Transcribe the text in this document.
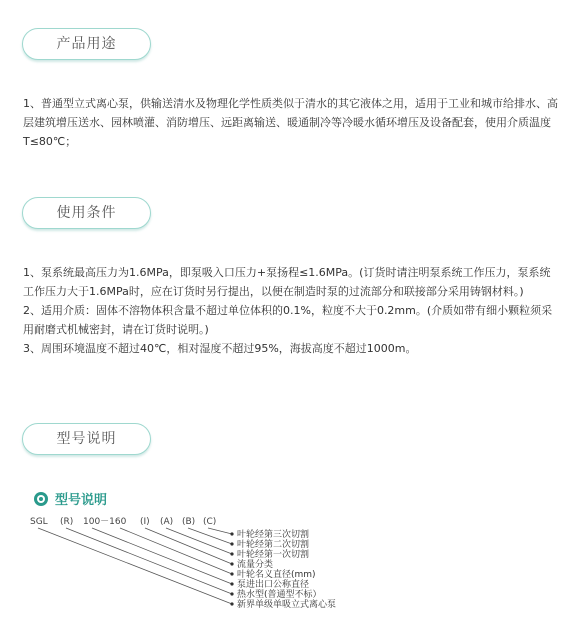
产品用途

1、普通型立式离心泵，供输送清水及物理化学性质类似于清水的其它液体之用，适用于工业和城市给排水、高层建筑增压送水、园林喷灌、消防增压、远距离输送、暖通制冷等冷暖水循环增压及设备配套，使用介质温度T≤80℃；

使用条件

1、泵系统最高压力为1.6MPa，即泵吸入口压力+泵扬程≤1.6MPa。(订货时请注明泵系统工作压力，泵系统工作压力大于1.6MPa时，应在订货时另行提出，以便在制造时泵的过流部分和联接部分采用铸钢材料。)

2、适用介质：固体不溶物体积含量不超过单位体积的0.1%，粒度不大于0.2mm。(介质如带有细小颗粒须采用耐磨式机械密封，请在订货时说明。)

3、周围环境温度不超过40℃，相对湿度不超过95%，海拔高度不超过1000m。

型号说明
型号说明
SGL (R) 100－160 (I) (A) (B) (C)
叶轮经第三次切割
叶轮经第二次切割
叶轮经第一次切割
流量分类
叶轮名义直径(mm)
泵进出口公称直径
热水型(普通型不标）
新界单级单吸立式离心泵
